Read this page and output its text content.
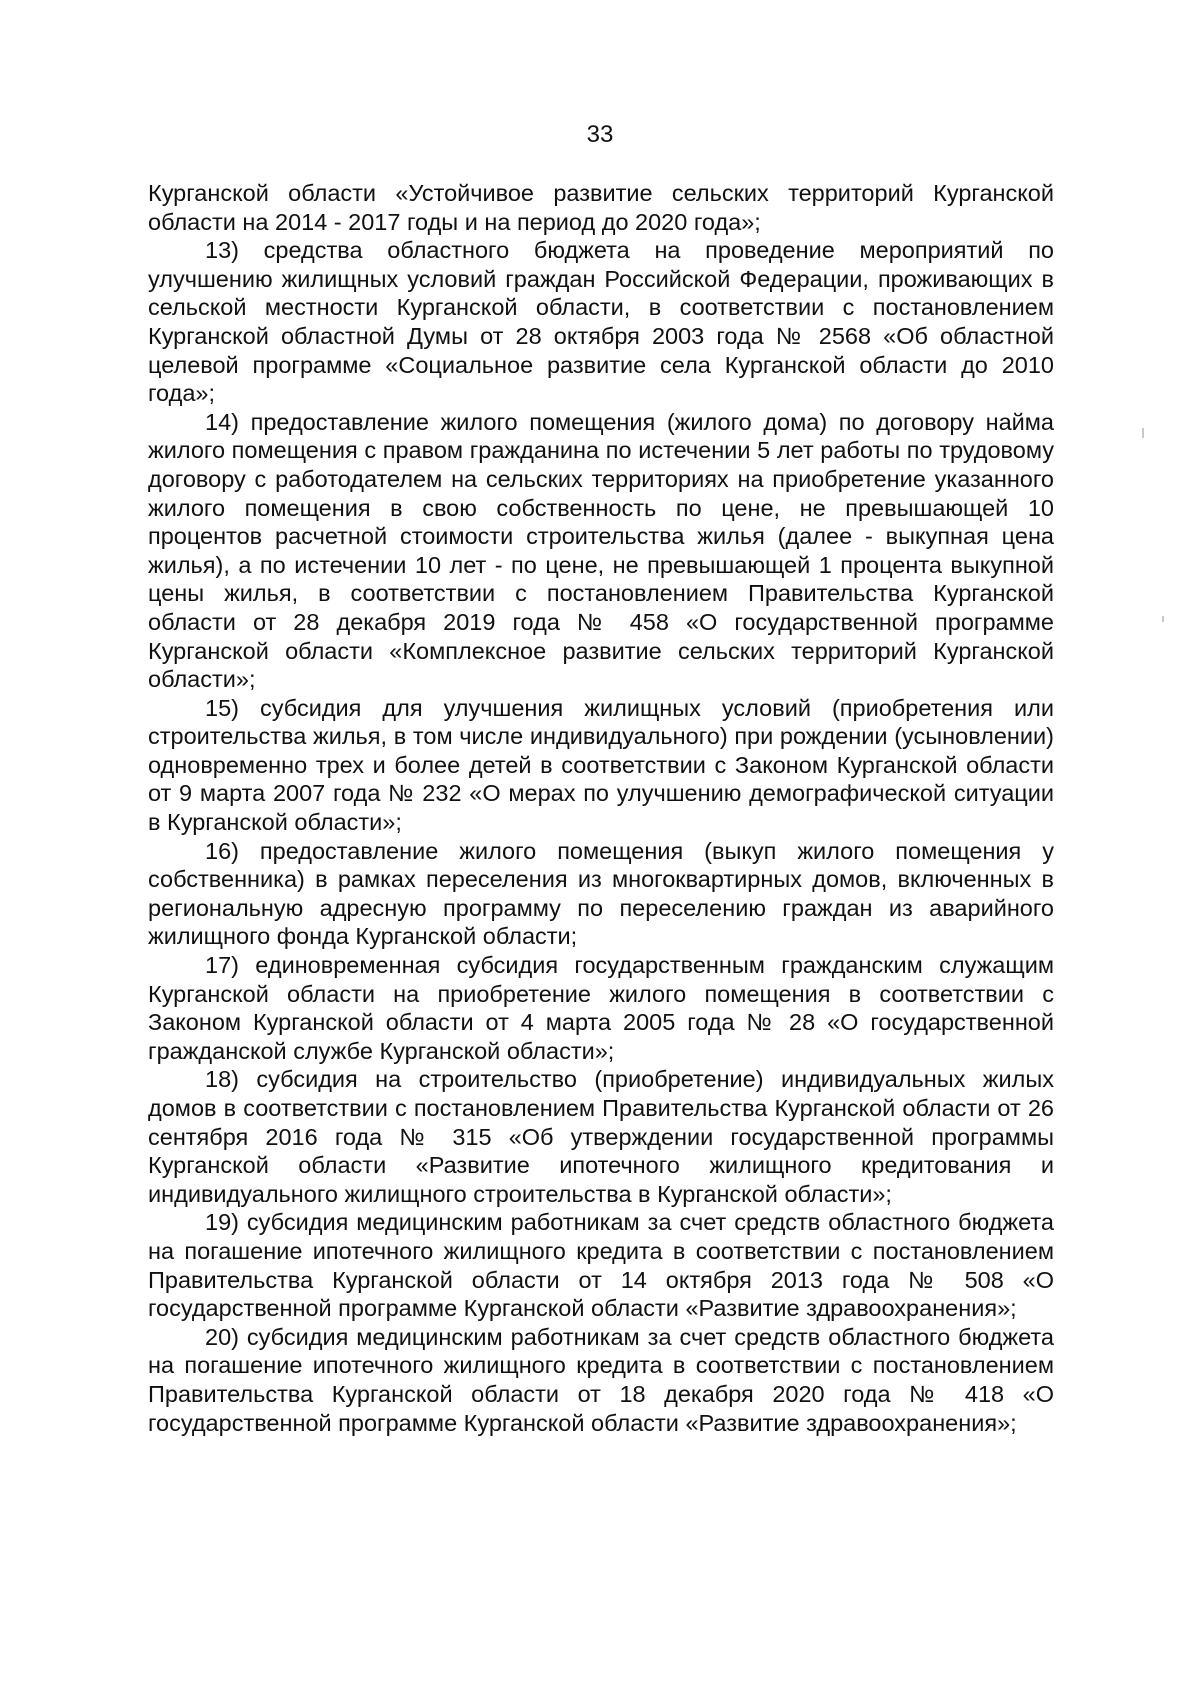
33

Курганской области «Устойчивое развитие сельских территорий Курганской области на 2014 - 2017 годы и на период до 2020 года»;

13) средства областного бюджета на проведение мероприятий по улучшению жилищных условий граждан Российской Федерации, проживающих в сельской местности Курганской области, в соответствии с постановлением Курганской областной Думы от 28 октября 2003 года № 2568 «Об областной целевой программе «Социальное развитие села Курганской области до 2010 года»;

14) предоставление жилого помещения (жилого дома) по договору найма жилого помещения с правом гражданина по истечении 5 лет работы по трудовому договору с работодателем на сельских территориях на приобретение указанного жилого помещения в свою собственность по цене, не превышающей 10 процентов расчетной стоимости строительства жилья (далее - выкупная цена жилья), а по истечении 10 лет - по цене, не превышающей 1 процента выкупной цены жилья, в соответствии с постановлением Правительства Курганской области от 28 декабря 2019 года № 458 «О государственной программе Курганской области «Комплексное развитие сельских территорий Курганской области»;

15) субсидия для улучшения жилищных условий (приобретения или строительства жилья, в том числе индивидуального) при рождении (усыновлении) одновременно трех и более детей в соответствии с Законом Курганской области от 9 марта 2007 года № 232 «О мерах по улучшению демографической ситуации в Курганской области»;

16) предоставление жилого помещения (выкуп жилого помещения у собственника) в рамках переселения из многоквартирных домов, включенных в региональную адресную программу по переселению граждан из аварийного жилищного фонда Курганской области;

17) единовременная субсидия государственным гражданским служащим Курганской области на приобретение жилого помещения в соответствии с Законом Курганской области от 4 марта 2005 года № 28 «О государственной гражданской службе Курганской области»;

18) субсидия на строительство (приобретение) индивидуальных жилых домов в соответствии с постановлением Правительства Курганской области от 26 сентября 2016 года № 315 «Об утверждении государственной программы Курганской области «Развитие ипотечного жилищного кредитования и индивидуального жилищного строительства в Курганской области»;

19) субсидия медицинским работникам за счет средств областного бюджета на погашение ипотечного жилищного кредита в соответствии с постановлением Правительства Курганской области от 14 октября 2013 года № 508 «О государственной программе Курганской области «Развитие здравоохранения»;

20) субсидия медицинским работникам за счет средств областного бюджета на погашение ипотечного жилищного кредита в соответствии с постановлением Правительства Курганской области от 18 декабря 2020 года № 418 «О государственной программе Курганской области «Развитие здравоохранения»;
